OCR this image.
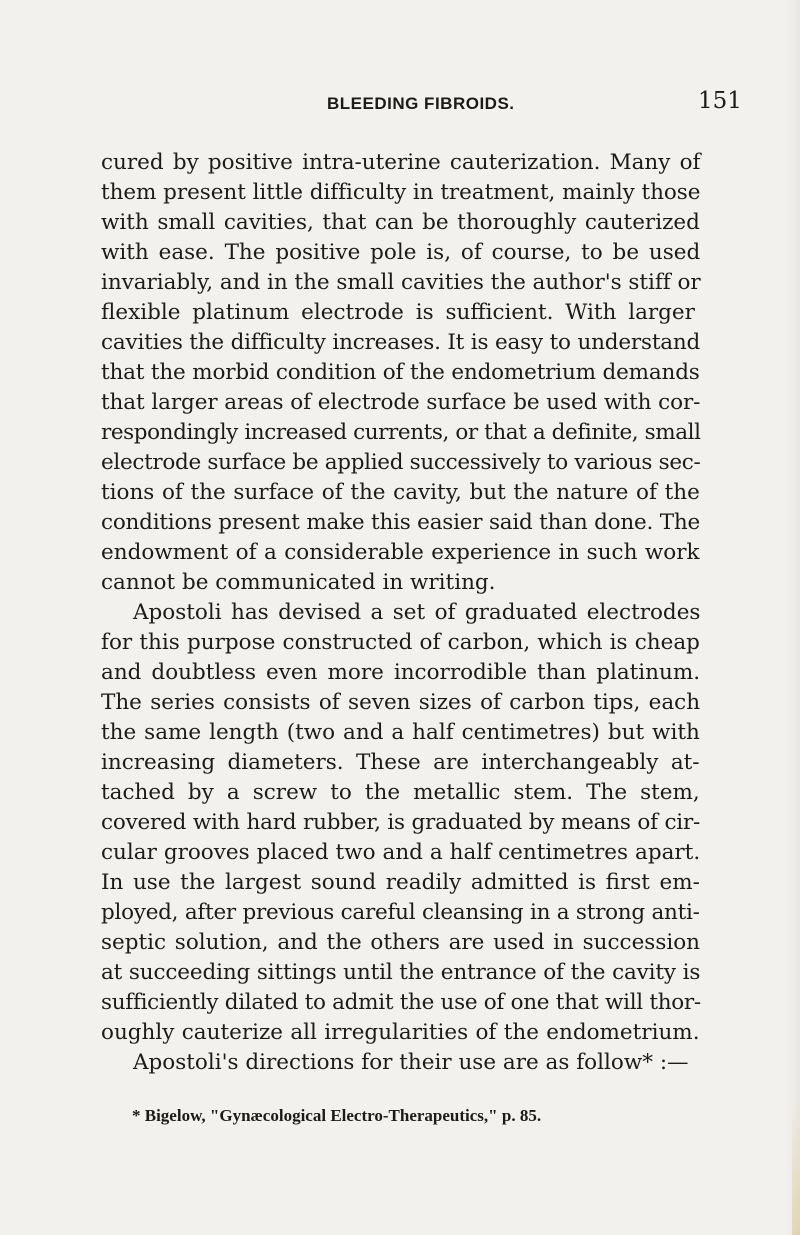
BLEEDING FIBROIDS.	151
cured by positive intra-uterine cauterization. Many of
them present little difficulty in treatment, mainly those
with small cavities, that can be thoroughly cauterized
with ease. The positive pole is, of course, to be used
invariably, and in the small cavities the author's stiff or
flexible platinum electrode is sufficient. With larger
cavities the difficulty increases. It is easy to understand
that the morbid condition of the endometrium demands
that larger areas of electrode surface be used with cor-
respondingly increased currents, or that a definite, small
electrode surface be applied successively to various sec-
tions of the surface of the cavity, but the nature of the
conditions present make this easier said than done. The
endowment of a considerable experience in such work
cannot be communicated in writing.
Apostoli has devised a set of graduated electrodes
for this purpose constructed of carbon, which is cheap
and doubtless even more incorrodible than platinum.
The series consists of seven sizes of carbon tips, each
the same length (two and a half centimetres) but with
increasing diameters. These are interchangeably at-
tached by a screw to the metallic stem. The stem,
covered with hard rubber, is graduated by means of cir-
cular grooves placed two and a half centimetres apart.
In use the largest sound readily admitted is first em-
ployed, after previous careful cleansing in a strong anti-
septic solution, and the others are used in succession
at succeeding sittings until the entrance of the cavity is
sufficiently dilated to admit the use of one that will thor-
oughly cauterize all irregularities of the endometrium.
Apostoli's directions for their use are as follow* :—
* Bigelow, "Gynæcological Electro-Therapeutics," p. 85.
